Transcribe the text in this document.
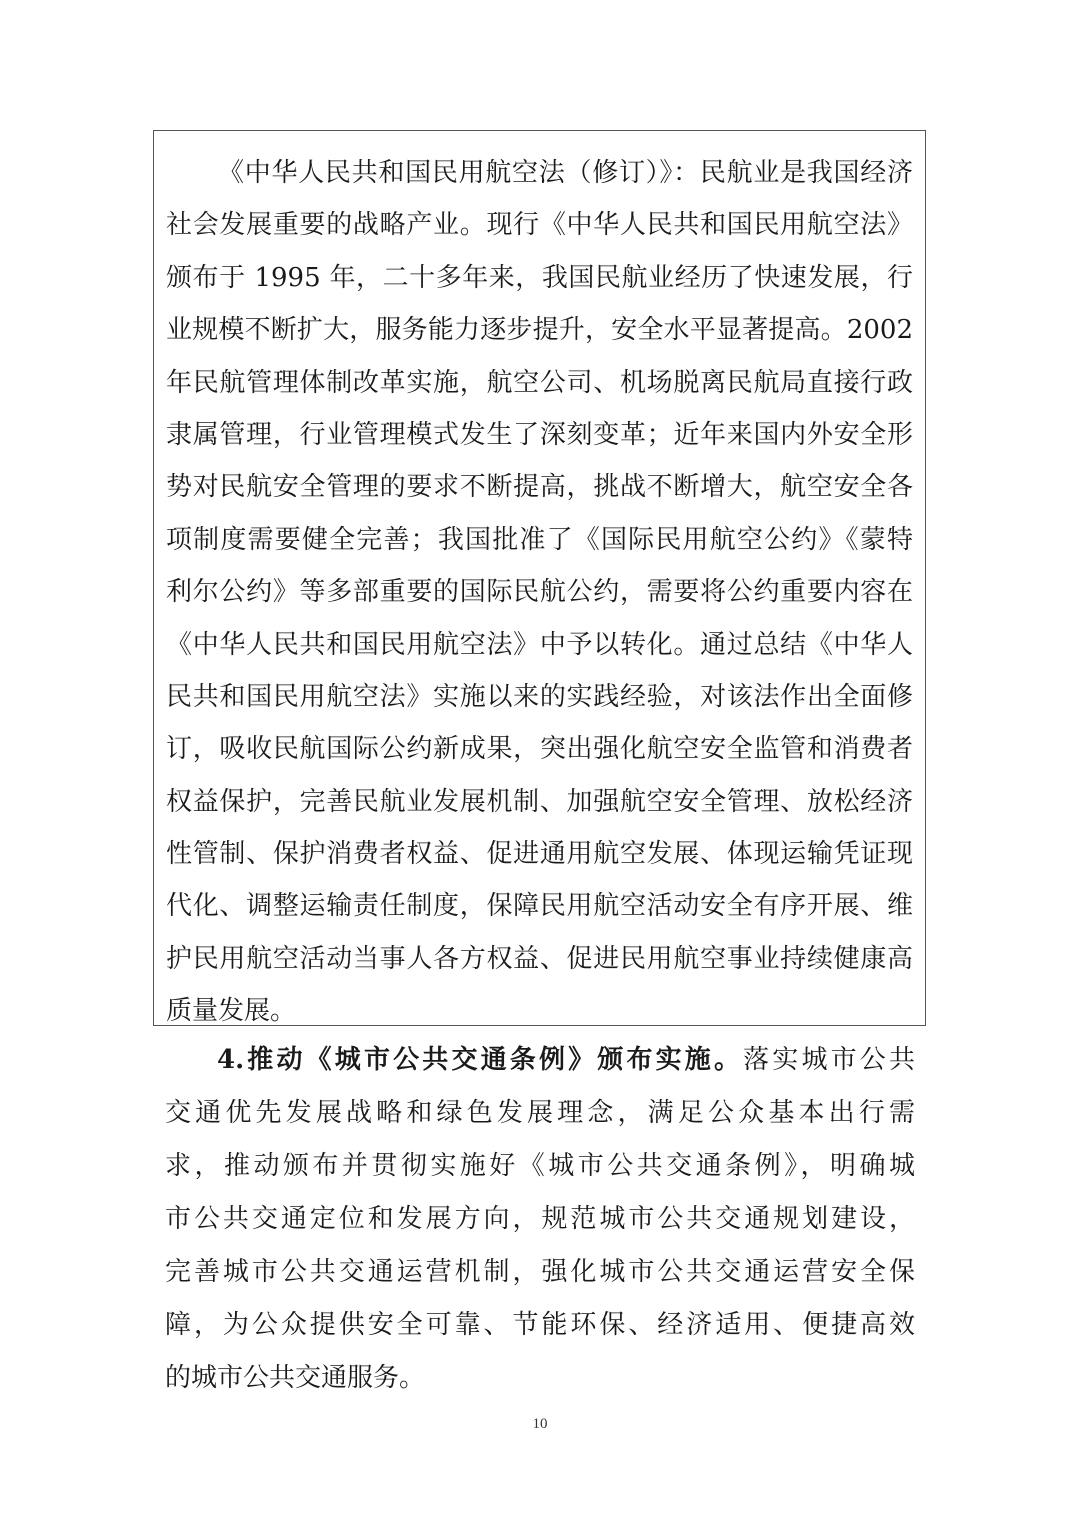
《中华人民共和国民用航空法（修订）》：民航业是我国经济
社会发展重要的战略产业。现行《中华人民共和国民用航空法》
颁布于 1995 年，二十多年来，我国民航业经历了快速发展，行
业规模不断扩大，服务能力逐步提升，安全水平显著提高。2002
年民航管理体制改革实施，航空公司、机场脱离民航局直接行政
隶属管理，行业管理模式发生了深刻变革；近年来国内外安全形
势对民航安全管理的要求不断提高，挑战不断增大，航空安全各
项制度需要健全完善；我国批准了《国际民用航空公约》《蒙特
利尔公约》等多部重要的国际民航公约，需要将公约重要内容在
《中华人民共和国民用航空法》中予以转化。通过总结《中华人
民共和国民用航空法》实施以来的实践经验，对该法作出全面修
订，吸收民航国际公约新成果，突出强化航空安全监管和消费者
权益保护，完善民航业发展机制、加强航空安全管理、放松经济
性管制、保护消费者权益、促进通用航空发展、体现运输凭证现
代化、调整运输责任制度，保障民用航空活动安全有序开展、维
护民用航空活动当事人各方权益、促进民用航空事业持续健康高
质量发展。
4.推动《城市公共交通条例》颁布实施。落实城市公共
交通优先发展战略和绿色发展理念，满足公众基本出行需
求，推动颁布并贯彻实施好《城市公共交通条例》，明确城
市公共交通定位和发展方向，规范城市公共交通规划建设，
完善城市公共交通运营机制，强化城市公共交通运营安全保
障，为公众提供安全可靠、节能环保、经济适用、便捷高效
的城市公共交通服务。
10
